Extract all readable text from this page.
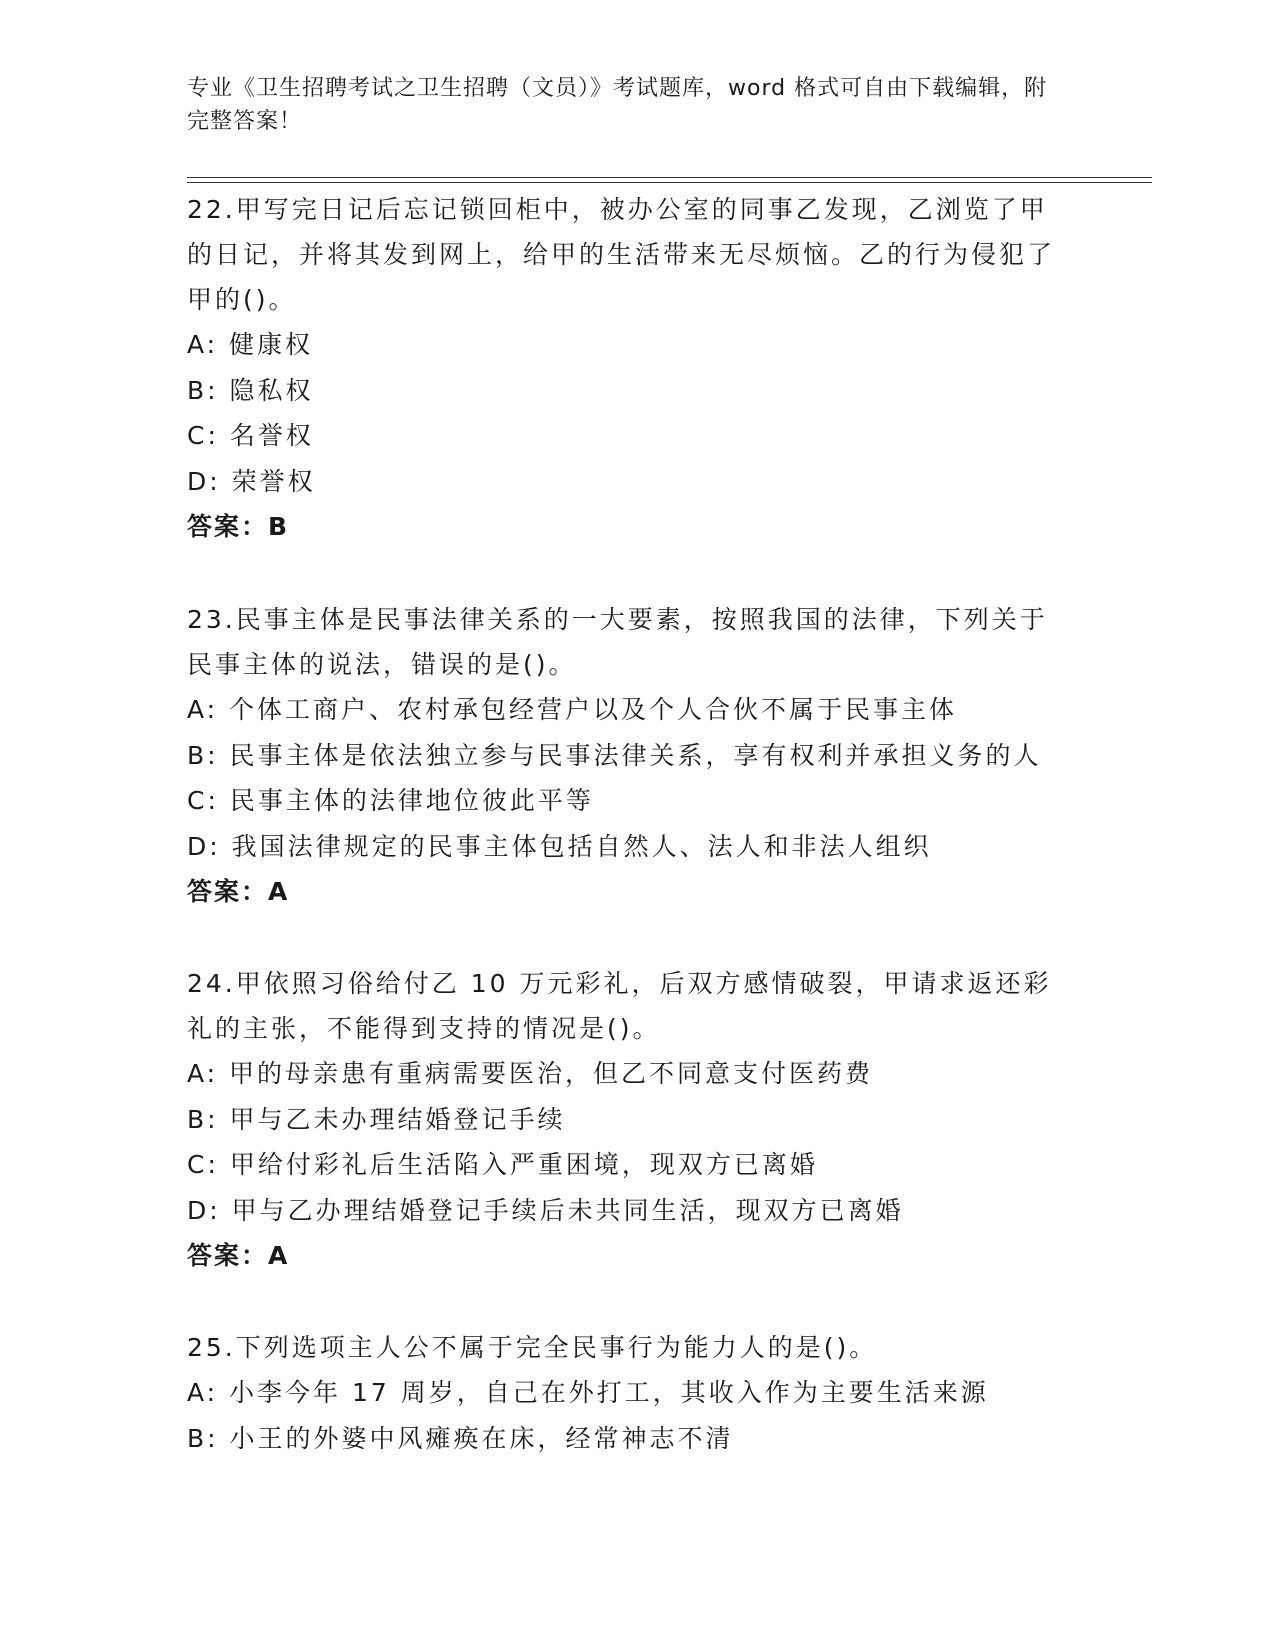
专业《卫生招聘考试之卫生招聘（文员）》考试题库，word 格式可自由下载编辑，附完整答案！
22.甲写完日记后忘记锁回柜中，被办公室的同事乙发现，乙浏览了甲的日记，并将其发到网上，给甲的生活带来无尽烦恼。乙的行为侵犯了甲的()。
A: 健康权
B: 隐私权
C: 名誉权
D: 荣誉权
答案：B
23.民事主体是民事法律关系的一大要素，按照我国的法律，下列关于民事主体的说法，错误的是()。
A: 个体工商户、农村承包经营户以及个人合伙不属于民事主体
B: 民事主体是依法独立参与民事法律关系，享有权利并承担义务的人
C: 民事主体的法律地位彼此平等
D: 我国法律规定的民事主体包括自然人、法人和非法人组织
答案：A
24.甲依照习俗给付乙 10 万元彩礼，后双方感情破裂，甲请求返还彩礼的主张，不能得到支持的情况是()。
A: 甲的母亲患有重病需要医治，但乙不同意支付医药费
B: 甲与乙未办理结婚登记手续
C: 甲给付彩礼后生活陷入严重困境，现双方已离婚
D: 甲与乙办理结婚登记手续后未共同生活，现双方已离婚
答案：A
25.下列选项主人公不属于完全民事行为能力人的是()。
A: 小李今年 17 周岁，自己在外打工，其收入作为主要生活来源
B: 小王的外婆中风瘫痪在床，经常神志不清
